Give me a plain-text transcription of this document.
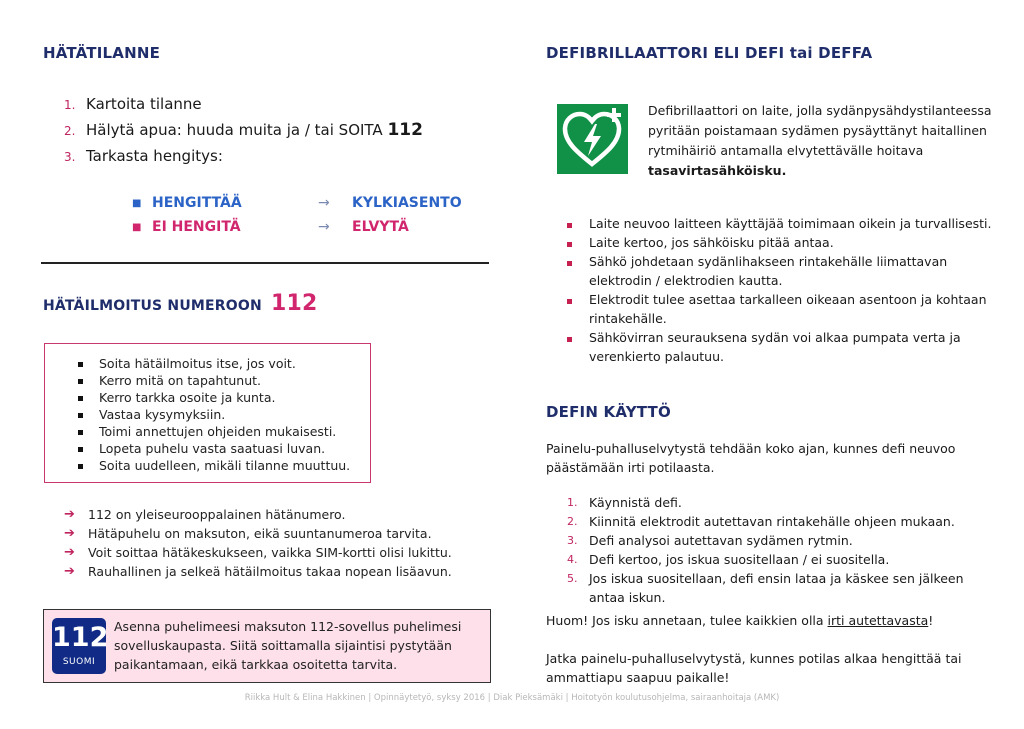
HÄTÄTILANNE
1. Kartoita tilanne
2. Hälytä apua: huuda muita ja / tai SOITA 112
3. Tarkasta hengitys:
■ HENGITTÄÄ	→	KYLKIASENTO
■ EI HENGITÄ	→	ELVYTÄ
HÄTÄILMOITUS NUMEROON 112
Soita hätäilmoitus itse, jos voit.
Kerro mitä on tapahtunut.
Kerro tarkka osoite ja kunta.
Vastaa kysymyksiin.
Toimi annettujen ohjeiden mukaisesti.
Lopeta puhelu vasta saatuasi luvan.
Soita uudelleen, mikäli tilanne muuttuu.
➔	112 on yleiseurooppalainen hätänumero.
➔	Hätäpuhelu on maksuton, eikä suuntanumeroa tarvita.
➔	Voit soittaa hätäkeskukseen, vaikka SIM-kortti olisi lukittu.
➔	Rauhallinen ja selkeä hätäilmoitus takaa nopean lisäavun.
112
SUOMI
Asenna puhelimeesi maksuton 112-sovellus puhelimesi sovelluskaupasta. Siitä soittamalla sijaintisi pystytään paikantamaan, eikä tarkkaa osoitetta tarvita.
DEFIBRILLAATTORI ELI DEFI tai DEFFA
Defibrillaattori on laite, jolla sydänpysähdystilanteessa pyritään poistamaan sydämen pysäyttänyt haitallinen rytmihäiriö antamalla elvytettävälle hoitava tasavirtasähköisku.
Laite neuvoo laitteen käyttäjää toimimaan oikein ja turvallisesti.
Laite kertoo, jos sähköisku pitää antaa.
Sähkö johdetaan sydänlihakseen rintakehälle liimattavan elektrodin / elektrodien kautta.
Elektrodit tulee asettaa tarkalleen oikeaan asentoon ja kohtaan rintakehälle.
Sähkövirran seurauksena sydän voi alkaa pumpata verta ja verenkierto palautuu.
DEFIN KÄYTTÖ
Painelu-puhalluselvytystä tehdään koko ajan, kunnes defi neuvoo päästämään irti potilaasta.
1. Käynnistä defi.
2. Kiinnitä elektrodit autettavan rintakehälle ohjeen mukaan.
3. Defi analysoi autettavan sydämen rytmin.
4. Defi kertoo, jos iskua suositellaan / ei suositella.
5. Jos iskua suositellaan, defi ensin lataa ja käskee sen jälkeen antaa iskun.
Huom! Jos isku annetaan, tulee kaikkien olla irti autettavasta!
Jatka painelu-puhalluselvytystä, kunnes potilas alkaa hengittää tai ammattiapu saapuu paikalle!
Riikka Hult & Elina Hakkinen | Opinnäytetyö, syksy 2016 | Diak Pieksämäki | Hoitotyön koulutusohjelma, sairaanhoitaja (AMK)
